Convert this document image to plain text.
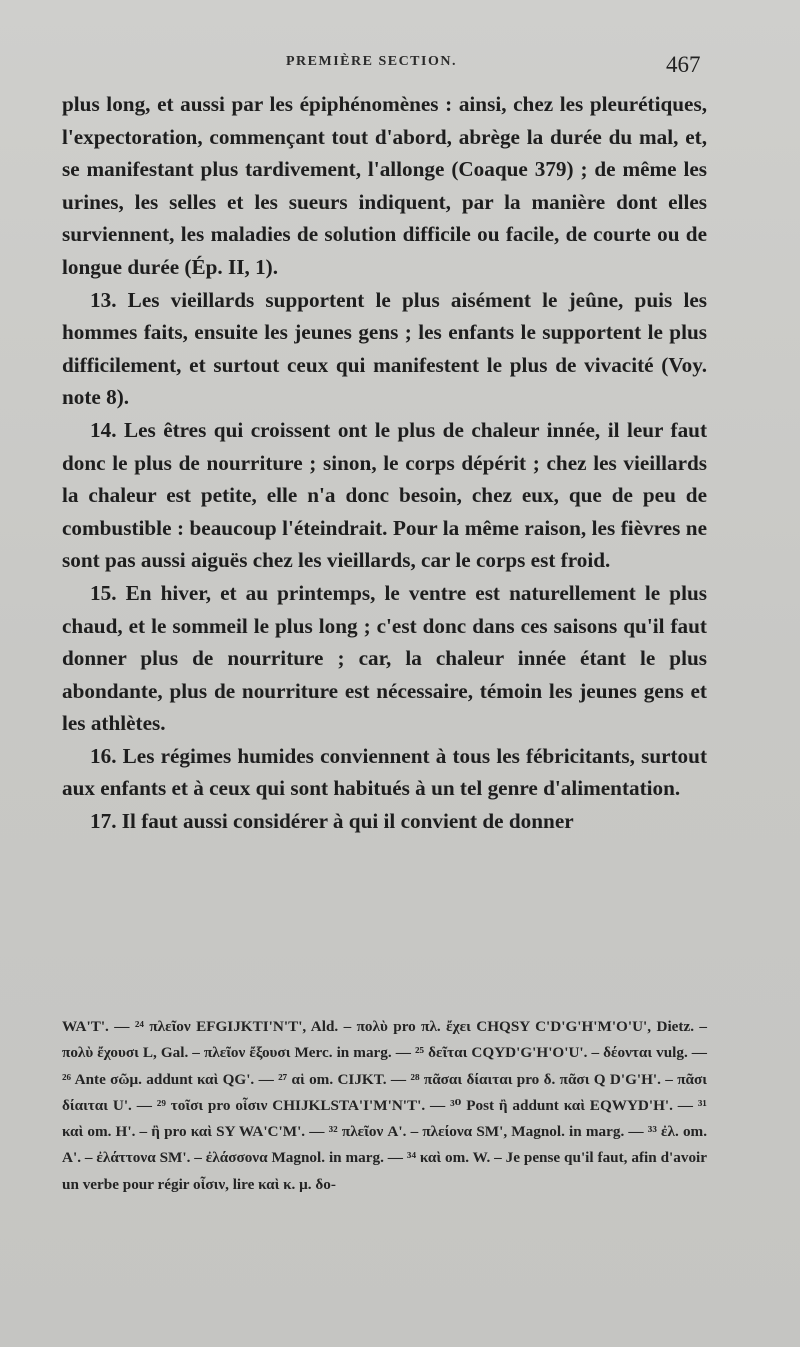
PREMIÈRE SECTION.	467

plus long, et aussi par les épiphénomènes : ainsi, chez les pleurétiques, l'expectoration, commençant tout d'abord, abrège la durée du mal, et, se manifestant plus tardivement, l'allonge (Coaque 379) ; de même les urines, les selles et les sueurs indiquent, par la manière dont elles surviennent, les maladies de solution difficile ou facile, de courte ou de longue durée (Ép. II, 1).

13. Les vieillards supportent le plus aisément le jeûne, puis les hommes faits, ensuite les jeunes gens ; les enfants le supportent le plus difficilement, et surtout ceux qui manifestent le plus de vivacité (Voy. note 8).

14. Les êtres qui croissent ont le plus de chaleur innée, il leur faut donc le plus de nourriture ; sinon, le corps dépérit ; chez les vieillards la chaleur est petite, elle n'a donc besoin, chez eux, que de peu de combustible : beaucoup l'éteindrait. Pour la même raison, les fièvres ne sont pas aussi aiguës chez les vieillards, car le corps est froid.

15. En hiver, et au printemps, le ventre est naturellement le plus chaud, et le sommeil le plus long ; c'est donc dans ces saisons qu'il faut donner plus de nourriture ; car, la chaleur innée étant le plus abondante, plus de nourriture est nécessaire, témoin les jeunes gens et les athlètes.

16. Les régimes humides conviennent à tous les fébricitants, surtout aux enfants et à ceux qui sont habitués à un tel genre d'alimentation.

17. Il faut aussi considérer à qui il convient de donner

WA'T'. — ²⁴ πλεῖον EFGIJKTI'N'T', Ald. – πολὺ pro πλ. ἔχει CHQSY C'D'G'H'M'O'U', Dietz. – πολὺ ἔχουσι L, Gal. – πλεῖον ἔξουσι Merc. in marg. — ²⁵ δεῖται CQYD'G'H'O'U'. – δέονται vulg. — ²⁶ Ante σῶμ. addunt καὶ QG'. — ²⁷ αἱ om. CIJKT. — ²⁸ πᾶσαι δίαιται pro δ. πᾶσι Q D'G'H'. – πᾶσι δίαιται U'. — ²⁹ τοῖσι pro οἷσιν CHIJKLSTA'I'M'N'T'. — ³⁰ Post ἢ addunt καὶ EQWYD'H'. — ³¹ καὶ om. H'. – ἢ pro καὶ SY WA'C'M'. — ³² πλεῖον A'. – πλείονα SM', Magnol. in marg. — ³³ ἐλ. om. A'. – ἐλάττονα SM'. – ἐλάσσονα Magnol. in marg. — ³⁴ καὶ om. W. – Je pense qu'il faut, afin d'avoir un verbe pour régir οἷσιν, lire καὶ κ. μ. δο-
